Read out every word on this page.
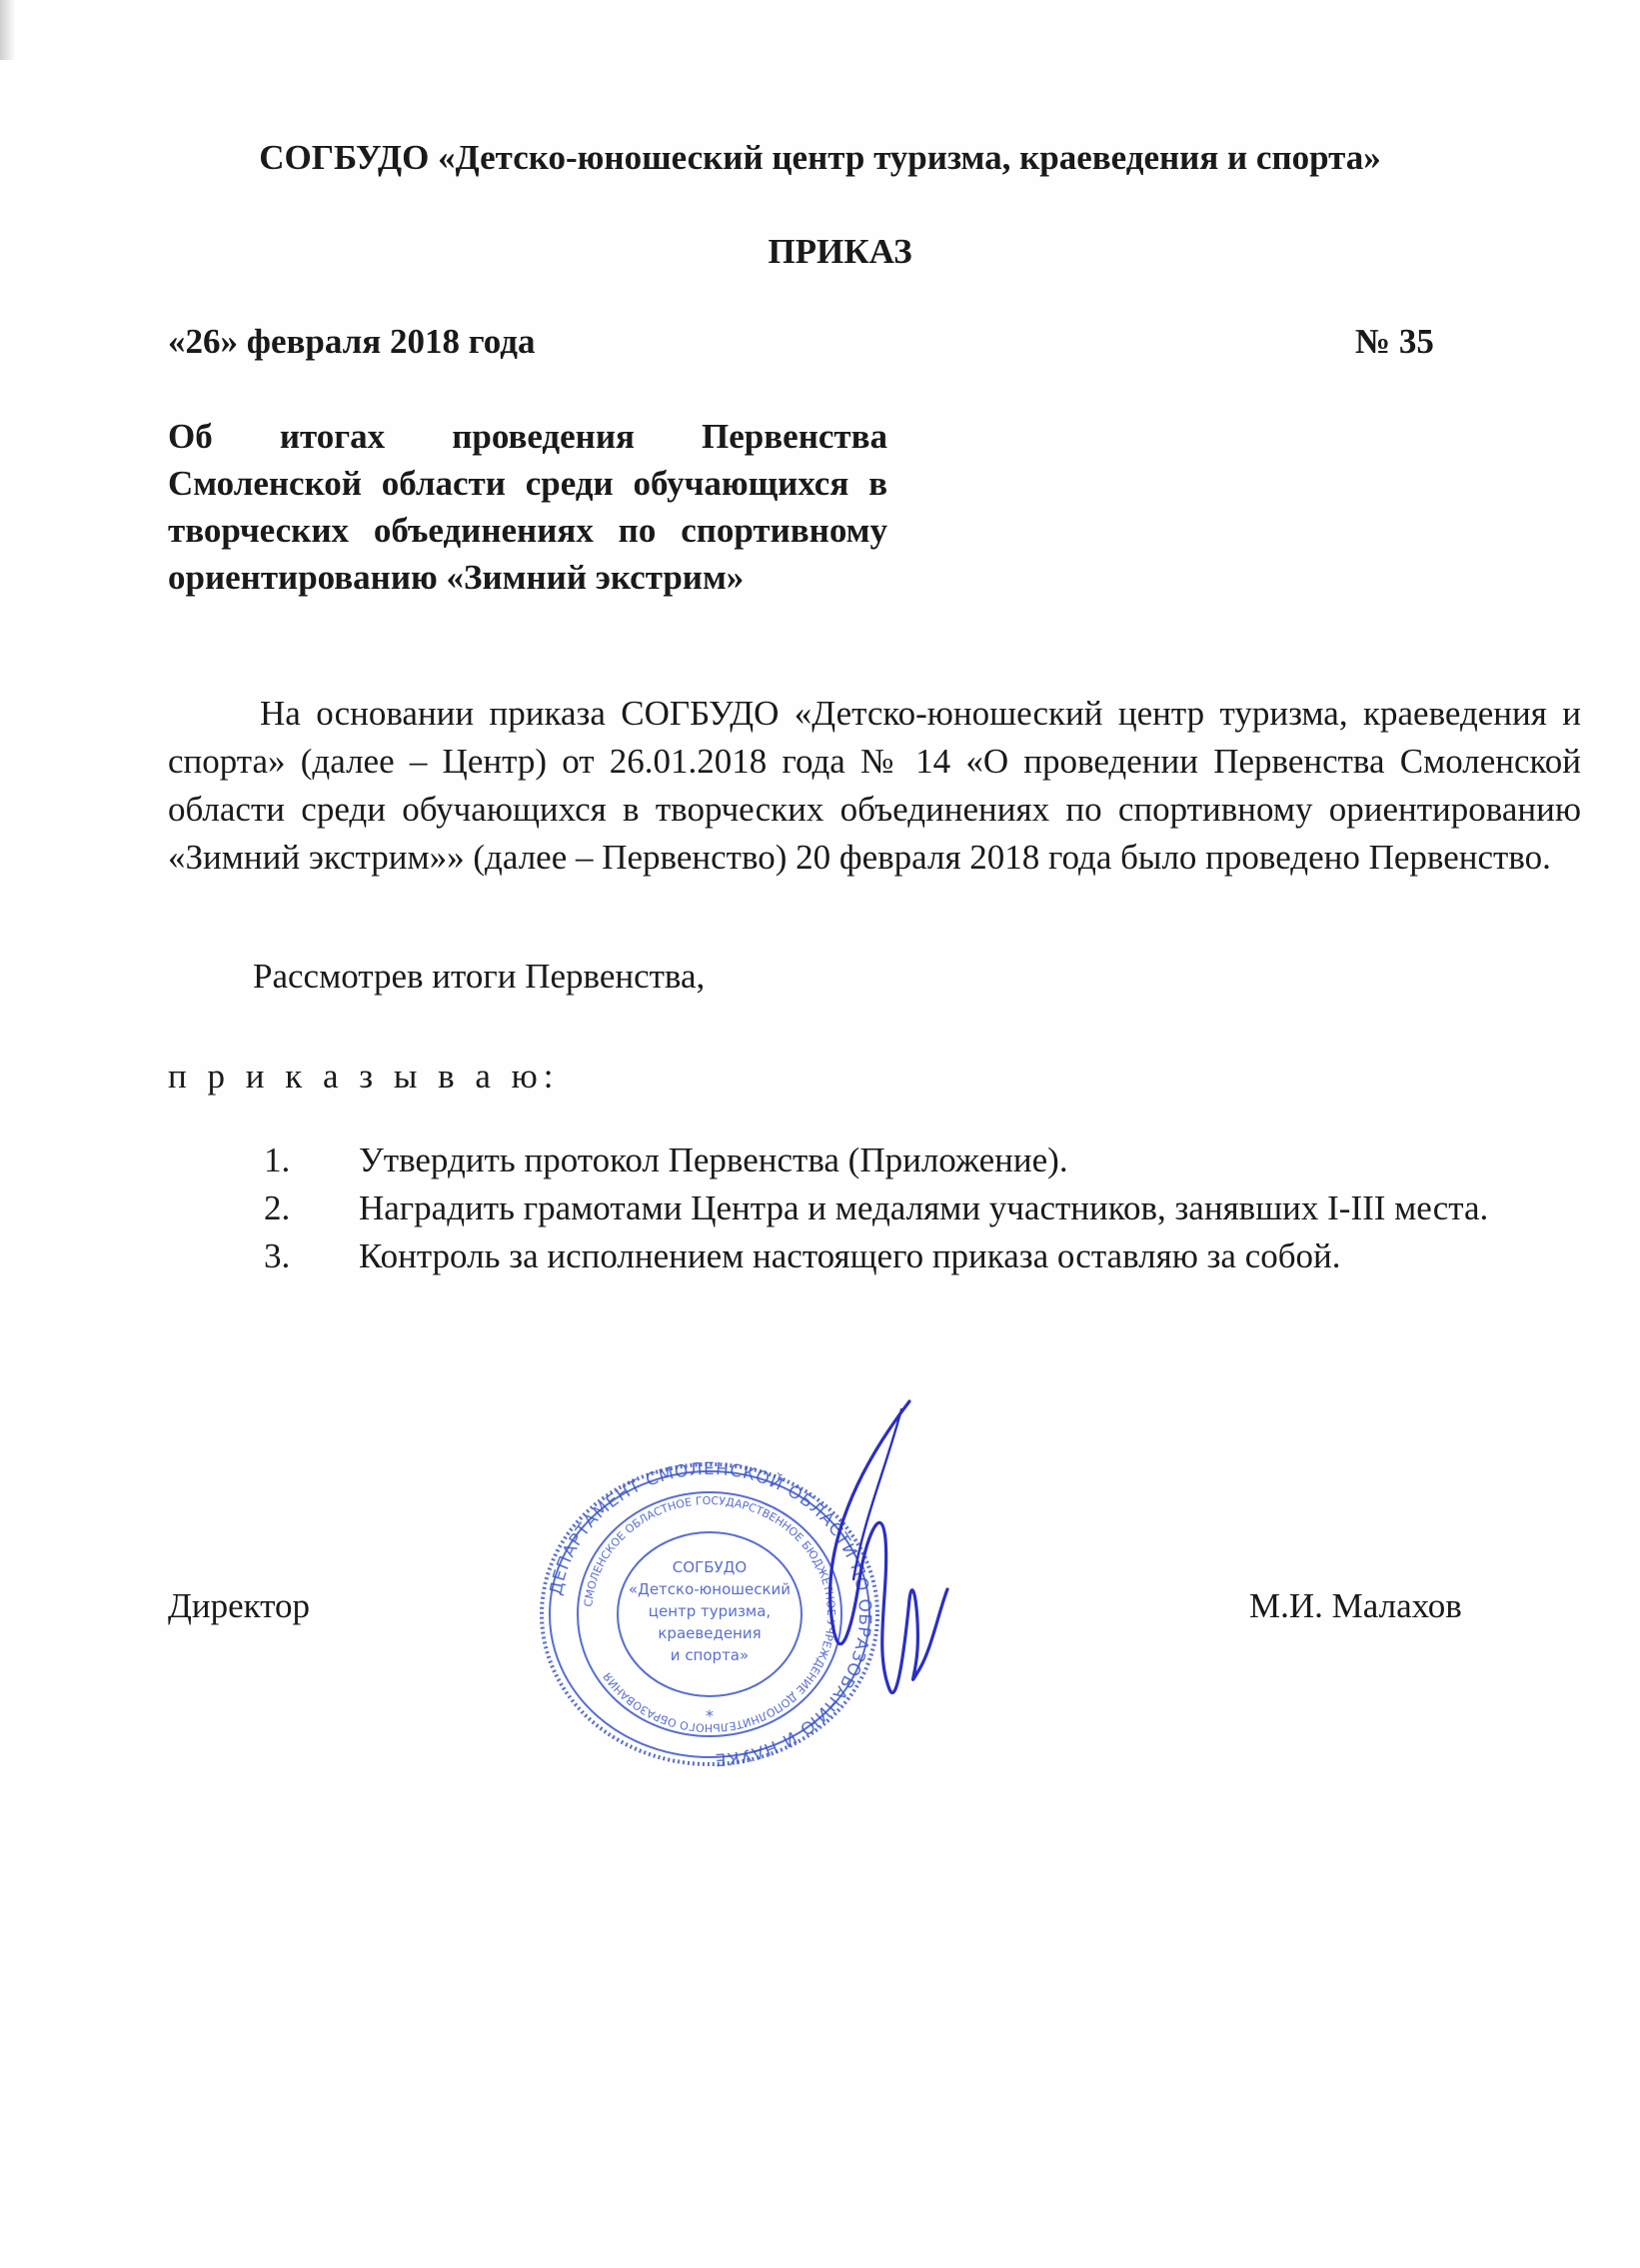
СОГБУДО «Детско-юношеский центр туризма, краеведения и спорта»
ПРИКАЗ
«26» февраля 2018 года	№ 35
Об итогах проведения Первенства Смоленской области среди обучающихся в творческих объединениях по спортивному ориентированию «Зимний экстрим»
На основании приказа СОГБУДО «Детско-юношеский центр туризма, краеведения и спорта» (далее – Центр) от 26.01.2018 года № 14 «О проведении Первенства Смоленской области среди обучающихся в творческих объединениях по спортивному ориентированию «Зимний экстрим»» (далее – Первенство) 20 февраля 2018 года было проведено Первенство.
Рассмотрев итоги Первенства,
п р и к а з ы в а ю:
1. Утвердить протокол Первенства (Приложение).
2. Наградить грамотами Центра и медалями участников, занявших I-III места.
3. Контроль за исполнением настоящего приказа оставляю за собой.
ДЕПАРТАМЕНТ СМОЛЕНСКОЙ ОБЛАСТИ ПО ОБРАЗОВАНИЮ И НАУКЕ
СМОЛЕНСКОЕ ОБЛАСТНОЕ ГОСУДАРСТВЕННОЕ БЮДЖЕТНОЕ УЧРЕЖДЕНИЕ ДОПОЛНИТЕЛЬНОГО ОБРАЗОВАНИЯ
СОГБУДО
«Детско-юношеский
центр туризма,
краеведения
и спорта»
*
Директор	М.И. Малахов
